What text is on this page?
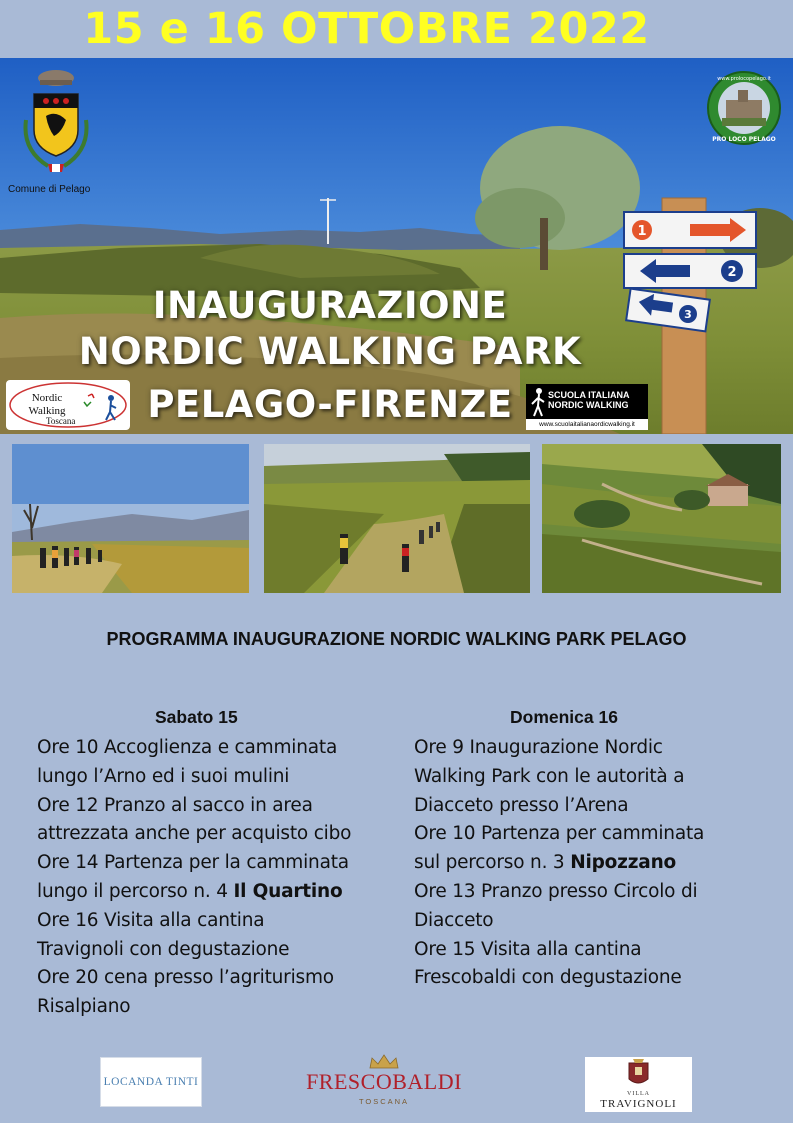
15 e 16 OTTOBRE 2022
1
2
3
Comune di Pelago
www.prolocopelago.it
PRO LOCO PELAGO
INAUGURAZIONE
NORDIC WALKING PARK
PELAGO-FIRENZE
Nordic
Walking
Toscana
SCUOLA ITALIANA
NORDIC WALKING
www.scuolaitalianaordicwalking.it
PROGRAMMA INAUGURAZIONE NORDIC WALKING PARK PELAGO
Sabato 15
Ore 10 Accoglienza e camminata
lungo l’Arno ed i suoi mulini
Ore 12 Pranzo al sacco in area
attrezzata anche per acquisto cibo
Ore 14 Partenza per la camminata
lungo il percorso n. 4 Il Quartino
Ore 16 Visita alla cantina
Travignoli con degustazione
Ore 20 cena presso l’agriturismo
Risalpiano
Domenica 16
Ore 9 Inaugurazione Nordic
Walking Park con le autorità a
Diacceto presso l’Arena
Ore 10 Partenza per camminata
sul percorso n. 3 Nipozzano
Ore 13 Pranzo presso Circolo di
Diacceto
Ore 15 Visita alla cantina
Frescobaldi con degustazione
LOCANDA TINTI	FRESCOBALDI
TOSCANA
VILLA
TRAVIGNOLI
